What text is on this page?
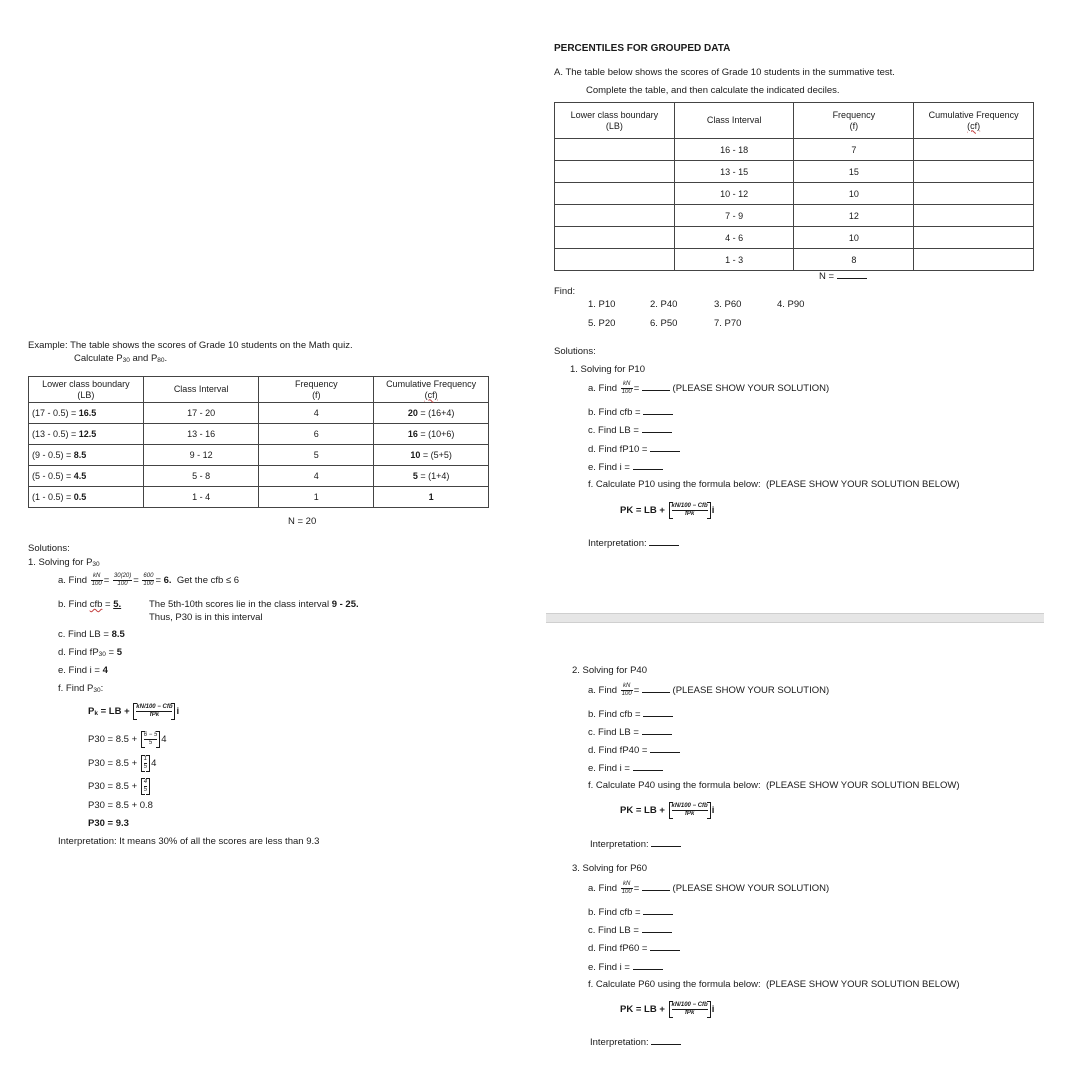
Example: The table shows the scores of Grade 10 students on the Math quiz.
Calculate $P_{30}$ and $P_{80}$.
Lower class boundary
(LB)	Class Interval	Frequency
(f)	Cumulative Frequency
(cf)
(17 - 0.5) = 16.5	17 - 20	4	20 = (16+4)
(13 - 0.5) = 12.5	13 - 16	6	16 = (10+6)
(9 - 0.5) = 8.5	9 - 12	5	10 = (5+5)
(5 - 0.5) = 4.5	5 - 8	4	5 = (1+4)
(1 - 0.5) = 0.5	1 - 4	1	1
N = 20
Solutions:
1. Solving for $P_{30}$
a. Find $\frac{kN}{100} = \frac{30(20)}{100} = \frac{600}{100} = 6$. Get the cfb ≤ 6
b. Find cfb = 5.	The 5th-10th scores lie in the class interval 9 - 25.
Thus, P30 is in this interval
c. Find LB = 8.5
d. Find $fP_{30} = 5$
e. Find i = 4
f. Find $P_{30}$:
$P_k$ = LB + kN/100 − Cfb
fPk	i
$P30 = 8.5 + \frac{6 - 5}{5} 4$
$P30 = 8.5 + \frac{1}{5} 4$
$P30 = 8.5 + \frac{4}{5}$
P30 = 8.5 + 0.8
P30 = 9.3
Interpretation: It means 30% of all the scores are less than 9.3
PERCENTILES FOR GROUPED DATA
A. The table below shows the scores of Grade 10 students in the summative test.
Complete the table, and then calculate the indicated deciles.
Lower class boundary
(LB)	Class Interval	Frequency
(f)	Cumulative Frequency
(cf)
	16 - 18	7	
	13 - 15	15	
	10 - 12	10	
	7 - 9	12	
	4 - 6	10	
	1 - 3	8	
N =
Find:
1. P10	2. P40	3. P60	4. P90
5. P20	6. P50	7. P70
Solutions:
1. Solving for P10
a. Find $\frac{kN}{100}$ =	(PLEASE SHOW YOUR SOLUTION)
b. Find cfb =
c. Find LB =
d. Find fP10 =
e. Find i =
f. Calculate P10 using the formula below: (PLEASE SHOW YOUR SOLUTION BELOW)
PK = LB + kN/100 − Cfb
fPk	i
Interpretation:
2. Solving for P40
a. Find $\frac{kN}{100}$ =	(PLEASE SHOW YOUR SOLUTION)
b. Find cfb =
c. Find LB =
d. Find fP40 =
e. Find i =
f. Calculate P40 using the formula below: (PLEASE SHOW YOUR SOLUTION BELOW)
PK = LB + kN/100 − Cfb
fPk	i
Interpretation:
3. Solving for P60
a. Find $\frac{kN}{100}$ =	(PLEASE SHOW YOUR SOLUTION)
b. Find cfb =
c. Find LB =
d. Find fP60 =
e. Find i =
f. Calculate P60 using the formula below: (PLEASE SHOW YOUR SOLUTION BELOW)
PK = LB + kN/100 − Cfb
fPk	i
Interpretation:
